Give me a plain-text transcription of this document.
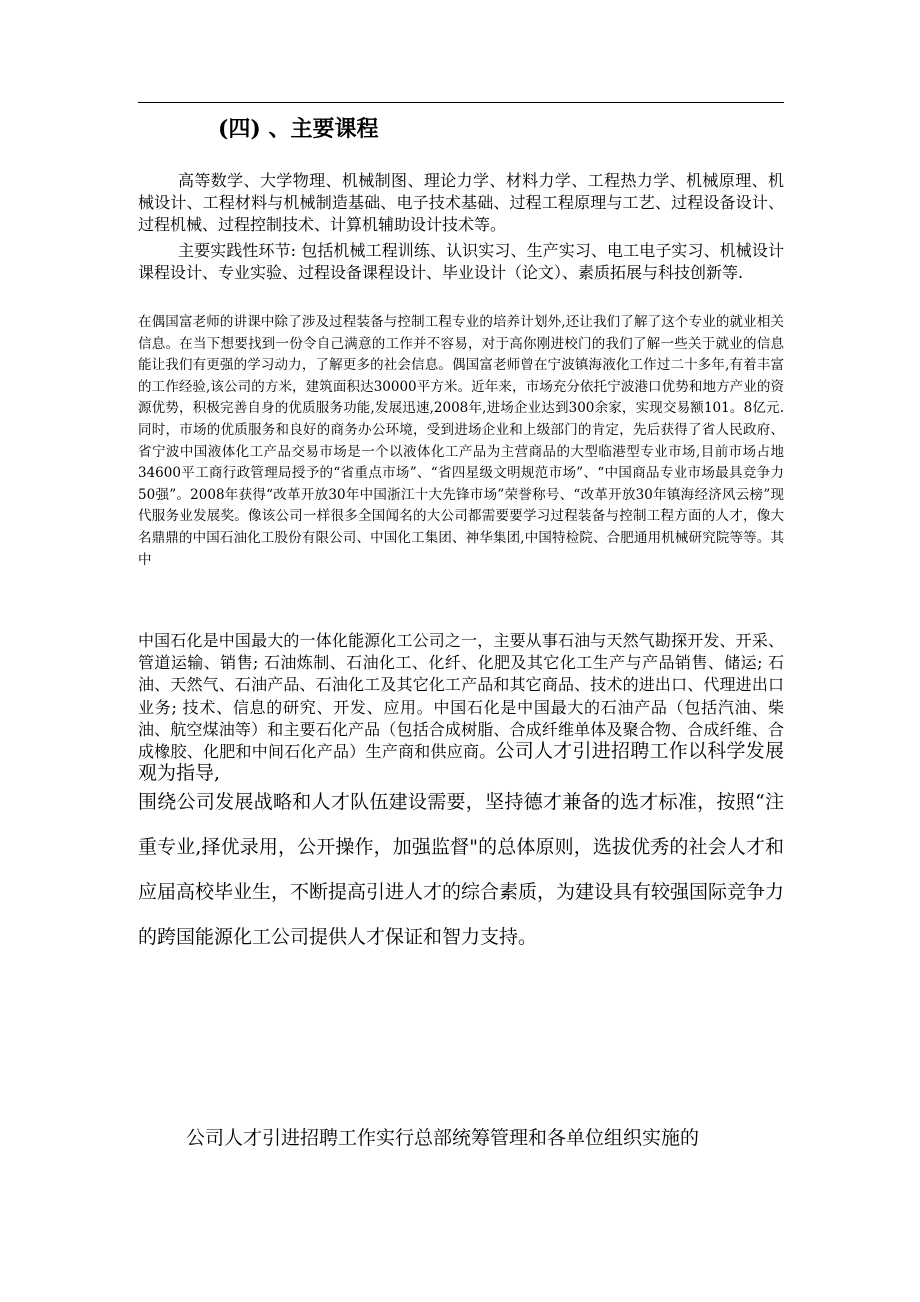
(四) 、主要课程
高等数学、大学物理、机械制图、理论力学、材料力学、工程热力学、机械原理、机械设计、工程材料与机械制造基础、电子技术基础、过程工程原理与工艺、过程设备设计、过程机械、过程控制技术、计算机辅助设计技术等。
主要实践性环节: 包括机械工程训练、认识实习、生产实习、电工电子实习、机械设计课程设计、专业实验、过程设备课程设计、毕业设计（论文）、素质拓展与科技创新等.
在偶国富老师的讲课中除了涉及过程装备与控制工程专业的培养计划外,还让我们了解了这个专业的就业相关信息。在当下想要找到一份令自己满意的工作并不容易，对于高你刚进校门的我们了解一些关于就业的信息能让我们有更强的学习动力，了解更多的社会信息。偶国富老师曾在宁波镇海液化工作过二十多年,有着丰富的工作经验,该公司的方米，建筑面积达30000平方米。近年来，市场充分依托宁波港口优势和地方产业的资源优势，积极完善自身的优质服务功能,发展迅速,2008年,进场企业达到300余家，实现交易额101。8亿元.同时，市场的优质服务和良好的商务办公环境，受到进场企业和上级部门的肯定，先后获得了省人民政府、省宁波中国液体化工产品交易市场是一个以液体化工产品为主营商品的大型临港型专业市场,目前市场占地34600平工商行政管理局授予的“省重点市场”、“省四星级文明规范市场”、“中国商品专业市场最具竞争力50强”。2008年获得“改革开放30年中国浙江十大先锋市场”荣誉称号、“改革开放30年镇海经济风云榜”现代服务业发展奖。像该公司一样很多全国闻名的大公司都需要要学习过程装备与控制工程方面的人才，像大名鼎鼎的中国石油化工股份有限公司、中国化工集团、神华集团,中国特检院、合肥通用机械研究院等等。其中
中国石化是中国最大的一体化能源化工公司之一，主要从事石油与天然气勘探开发、开采、管道运输、销售; 石油炼制、石油化工、化纤、化肥及其它化工生产与产品销售、储运; 石油、天然气、石油产品、石油化工及其它化工产品和其它商品、技术的进出口、代理进出口业务; 技术、信息的研究、开发、应用。中国石化是中国最大的石油产品（包括汽油、柴油、航空煤油等）和主要石化产品（包括合成树脂、合成纤维单体及聚合物、合成纤维、合成橡胶、化肥和中间石化产品）生产商和供应商。公司人才引进招聘工作以科学发展观为指导,
围绕公司发展战略和人才队伍建设需要，坚持德才兼备的选才标准，按照“注重专业,择优录用，公开操作，加强监督"的总体原则，选拔优秀的社会人才和应届高校毕业生，不断提高引进人才的综合素质，为建设具有较强国际竞争力的跨国能源化工公司提供人才保证和智力支持。
公司人才引进招聘工作实行总部统筹管理和各单位组织实施的
